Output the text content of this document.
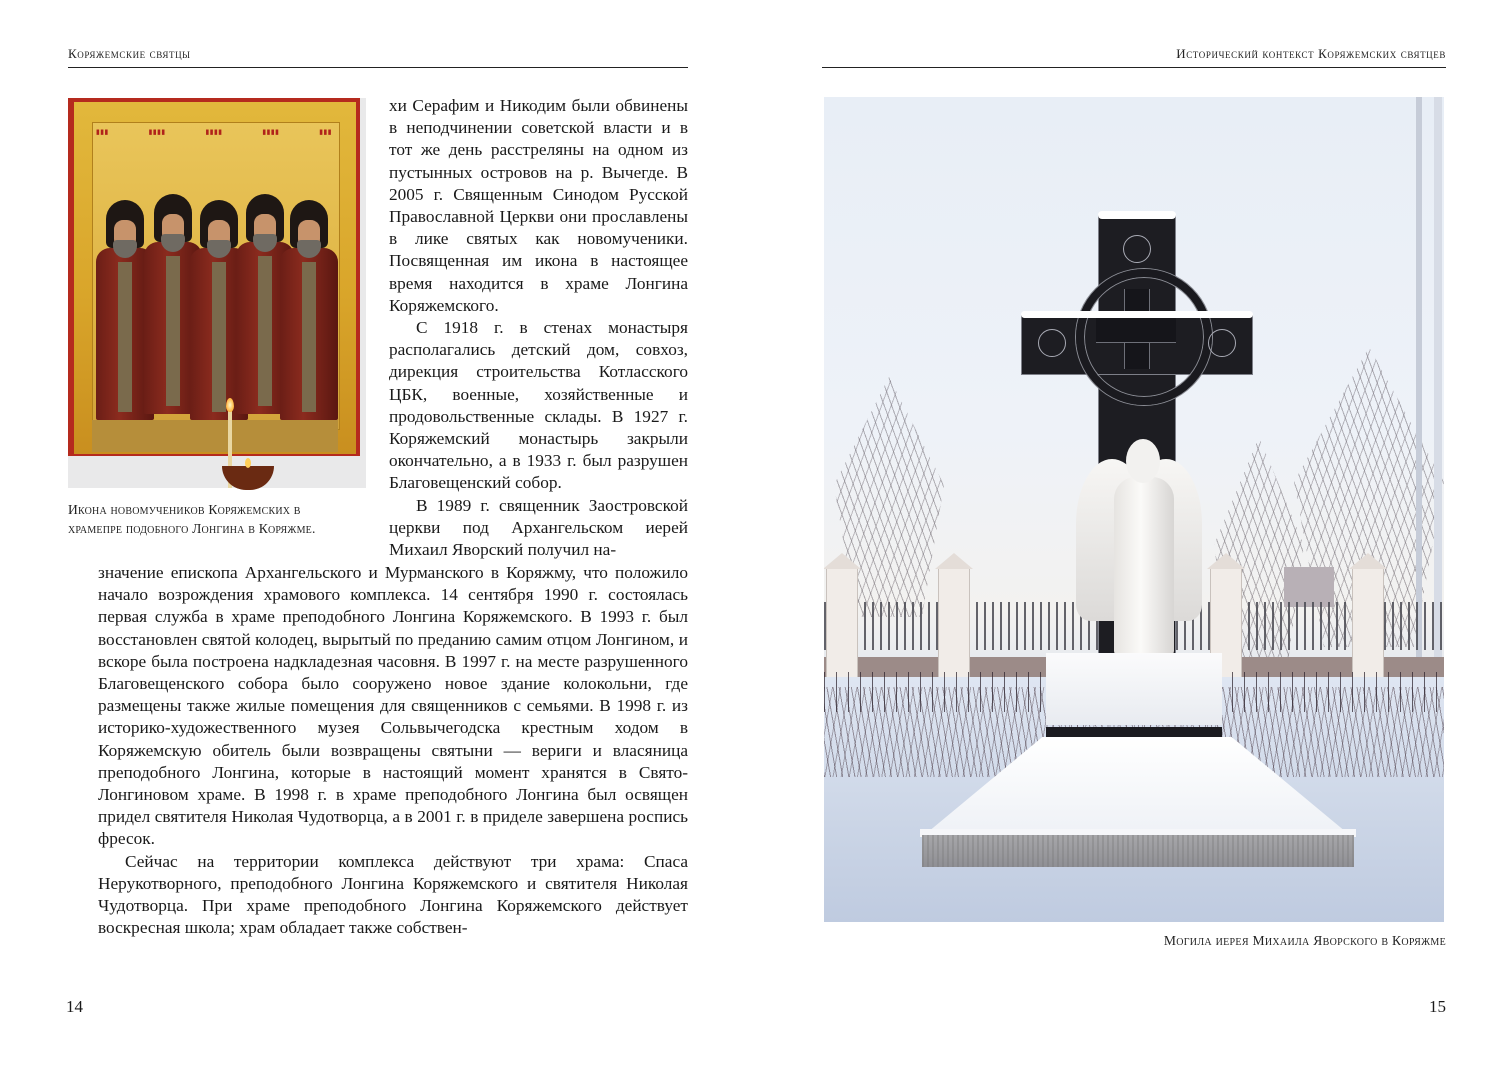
Коряжемские святцы
▮▮▮	▮▮▮▮	▮▮▮▮	▮▮▮▮	▮▮▮
Икона новомучеников Коряжемских в
храмепре подобного Лонгина в Коряжме.

хи Серафим и Никодим были обвинены в неподчинении советской власти и в тот же день расстреляны на одном из пустынных островов на р. Вычегде. В 2005 г. Священным Синодом Русской Православной Церкви они прославлены в лике святых как новомученики. Посвященная им икона в настоящее время находится в храме Лонгина Коряжемского.

С 1918 г. в стенах монастыря располагались детский дом, совхоз, дирекция строительства Котласского ЦБК, военные, хозяйственные и продовольственные склады. В 1927 г. Коряжемский монастырь закрыли окончательно, а в 1933 г. был разрушен Благовещенский собор.

В 1989 г. священник Заостровской церкви под Архангельском иерей Михаил Яворский получил на-

значение епископа Архангельского и Мурманского в Коряжму, что положило начало возрождения храмового комплекса. 14 сентября 1990 г. состоялась первая служба в храме преподобного Лонгина Коряжемского. В 1993 г. был восстановлен святой колодец, вырытый по преданию самим отцом Лонгином, и вскоре была построена надкладезная часовня. В 1997 г. на месте разрушенного Благовещенского собора было сооружено новое здание колокольни, где размещены также жилые помещения для священников с семьями. В 1998 г. из историко-художественного музея Сольвычегодска крестным ходом в Коряжемскую обитель были возвращены святыни — вериги и власяница преподобного Лонгина, которые в настоящий момент хранятся в Свято-Лонгиновом храме. В 1998 г. в храме преподобного Лонгина был освящен придел святителя Николая Чудотворца, а в 2001 г. в приделе завершена роспись фресок.

Сейчас на территории комплекса действуют три храма: Спаса Нерукотворного, преподобного Лонгина Коряжемского и святителя Николая Чудотворца. При храме преподобного Лонгина Коряжемского действует воскресная школа; храм обладает также собствен-

14
Исторический контекст Коряжемских святцев
15
Могила иерея Михаила Яворского в Коряжме
